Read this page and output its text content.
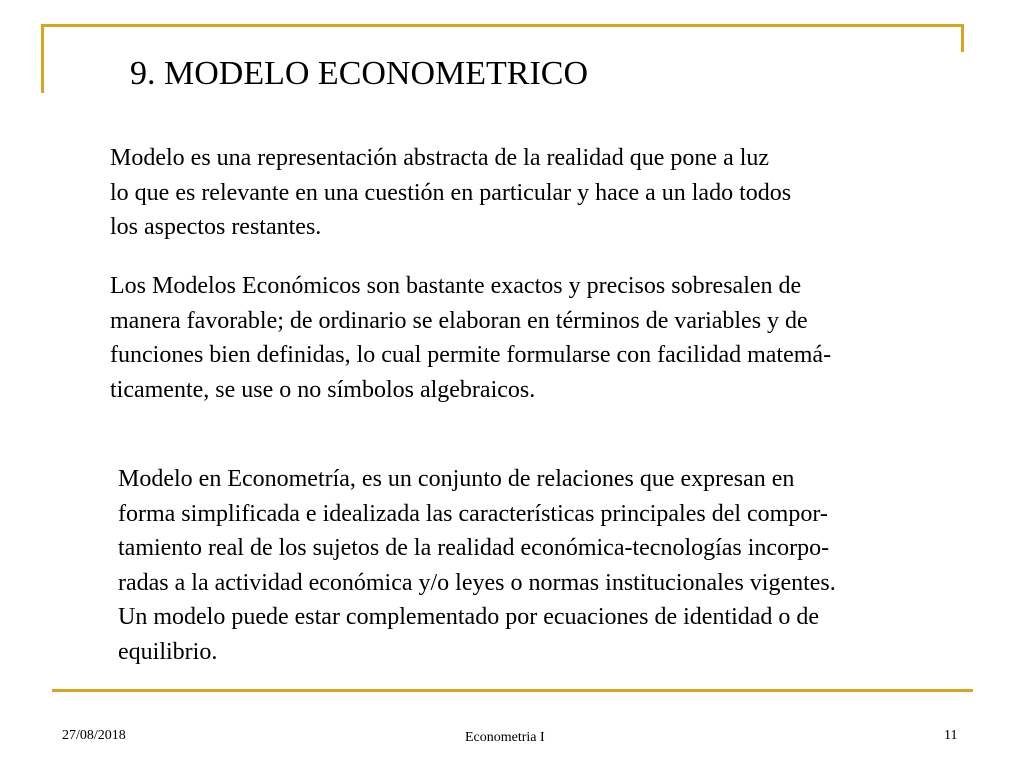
9. MODELO ECONOMETRICO

Modelo es una representación abstracta de la realidad que pone a luz
lo que es relevante en una cuestión en particular y hace a un lado todos
los aspectos restantes.

Los Modelos Económicos son bastante exactos y precisos sobresalen de
manera favorable; de ordinario se elaboran en términos de variables y de
funciones bien definidas, lo cual permite formularse con facilidad matemá-
ticamente, se use o no símbolos algebraicos.

Modelo en Econometría, es un conjunto de relaciones que expresan en
forma simplificada e idealizada las características principales del compor-
tamiento real de los sujetos de la realidad económica-tecnologías incorpo-
radas a la actividad económica y/o leyes o normas institucionales vigentes.
Un modelo puede estar complementado por ecuaciones de identidad o de
equilibrio.

27/08/2018	Econometria I	11
